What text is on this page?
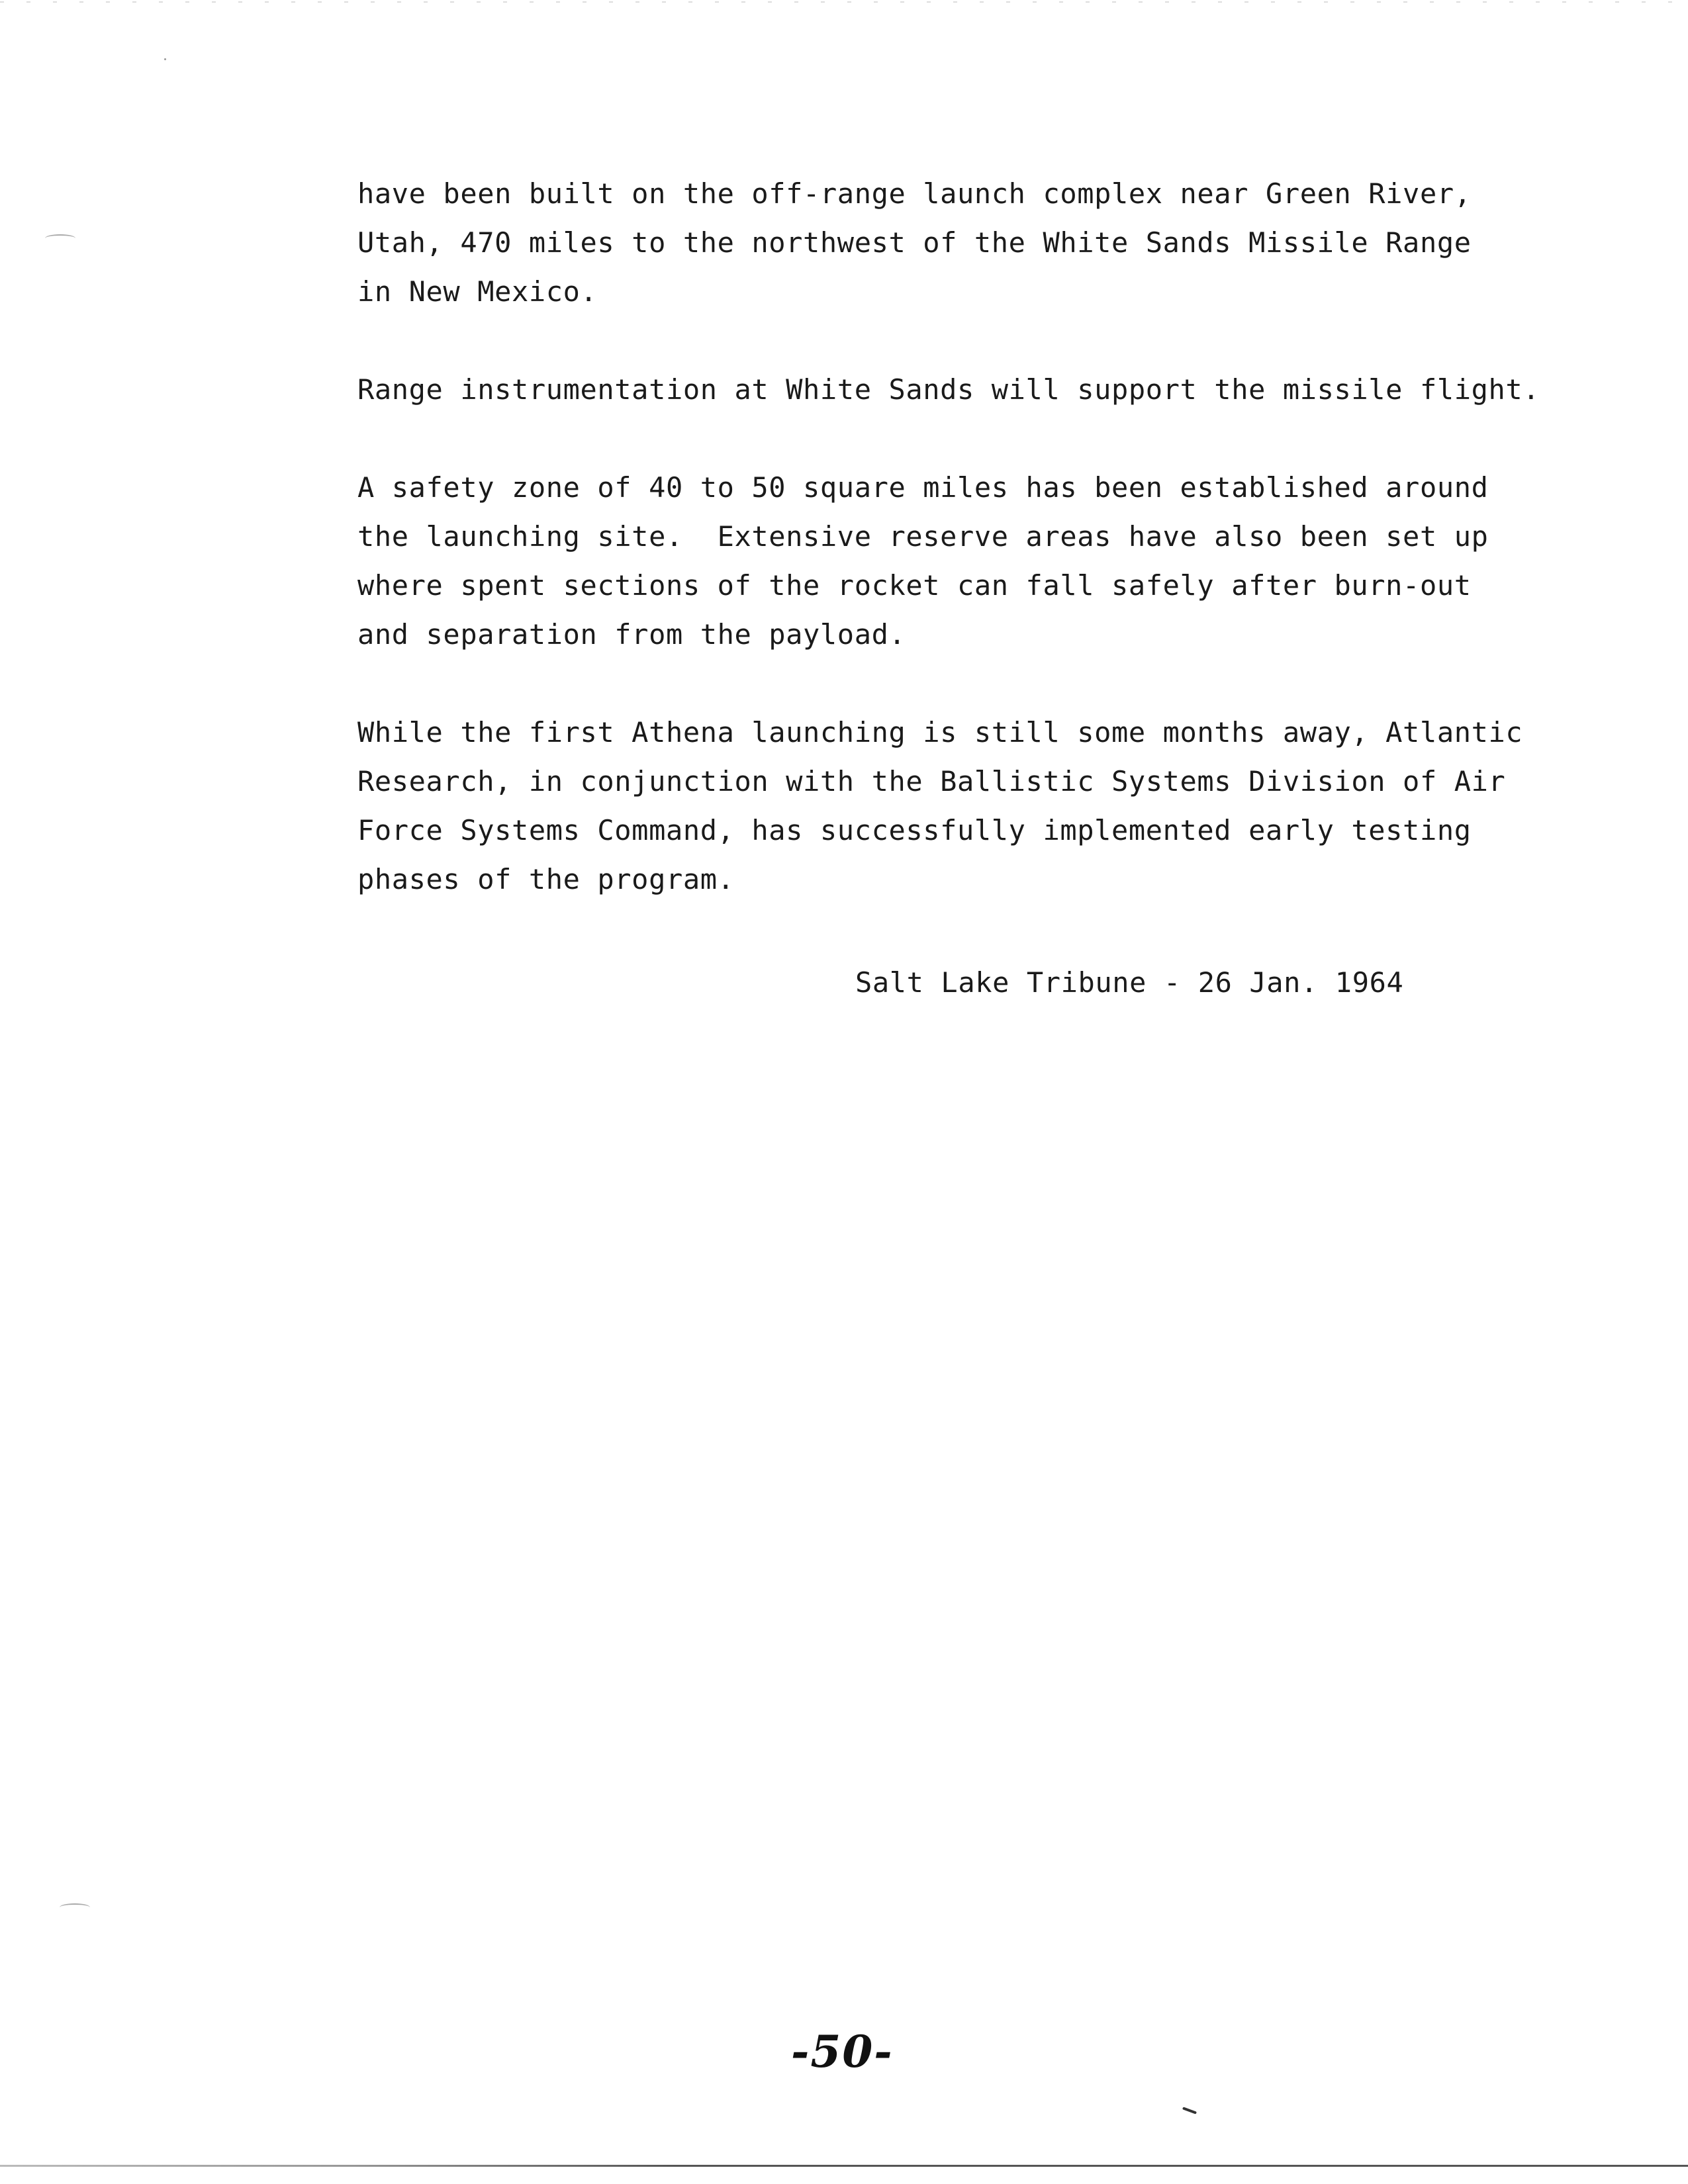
have been built on the off-range launch complex near Green River,
Utah, 470 miles to the northwest of the White Sands Missile Range
in New Mexico.
Range instrumentation at White Sands will support the missile flight.
A safety zone of 40 to 50 square miles has been established around
the launching site.  Extensive reserve areas have also been set up
where spent sections of the rocket can fall safely after burn-out
and separation from the payload.
While the first Athena launching is still some months away, Atlantic
Research, in conjunction with the Ballistic Systems Division of Air
Force Systems Command, has successfully implemented early testing
phases of the program.
Salt Lake Tribune - 26 Jan. 1964
-50-
